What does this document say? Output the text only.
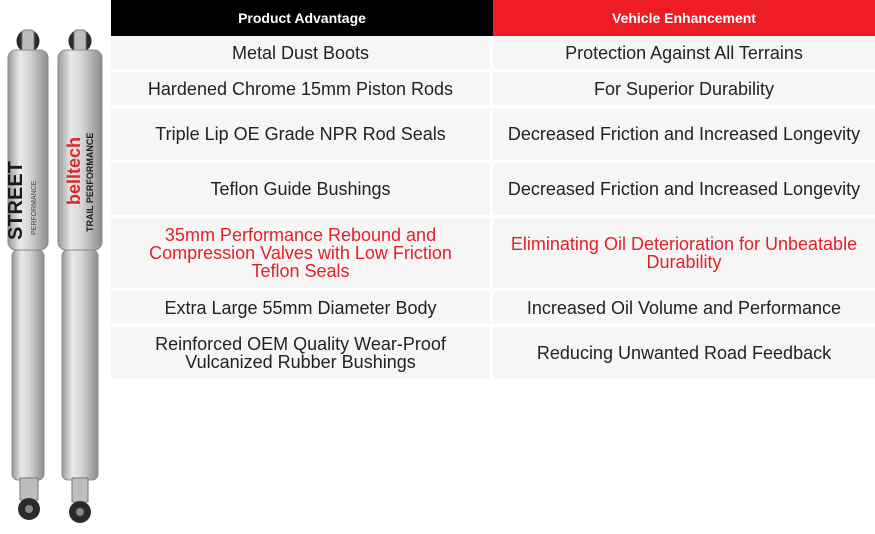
STREET PERFORMANCE
belltech TRAIL PERFORMANCE
Product Advantage	Vehicle Enhancement
Metal Dust Boots	Protection Against All Terrains
Hardened Chrome 15mm Piston Rods	For Superior Durability
Triple Lip OE Grade NPR Rod Seals	Decreased Friction and Increased Longevity
Teflon Guide Bushings	Decreased Friction and Increased Longevity
35mm Performance Rebound and Compression Valves with Low Friction Teflon Seals	Eliminating Oil Deterioration for Unbeatable Durability
Extra Large 55mm Diameter Body	Increased Oil Volume and Performance
Reinforced OEM Quality Wear-Proof Vulcanized Rubber Bushings	Reducing Unwanted Road Feedback
